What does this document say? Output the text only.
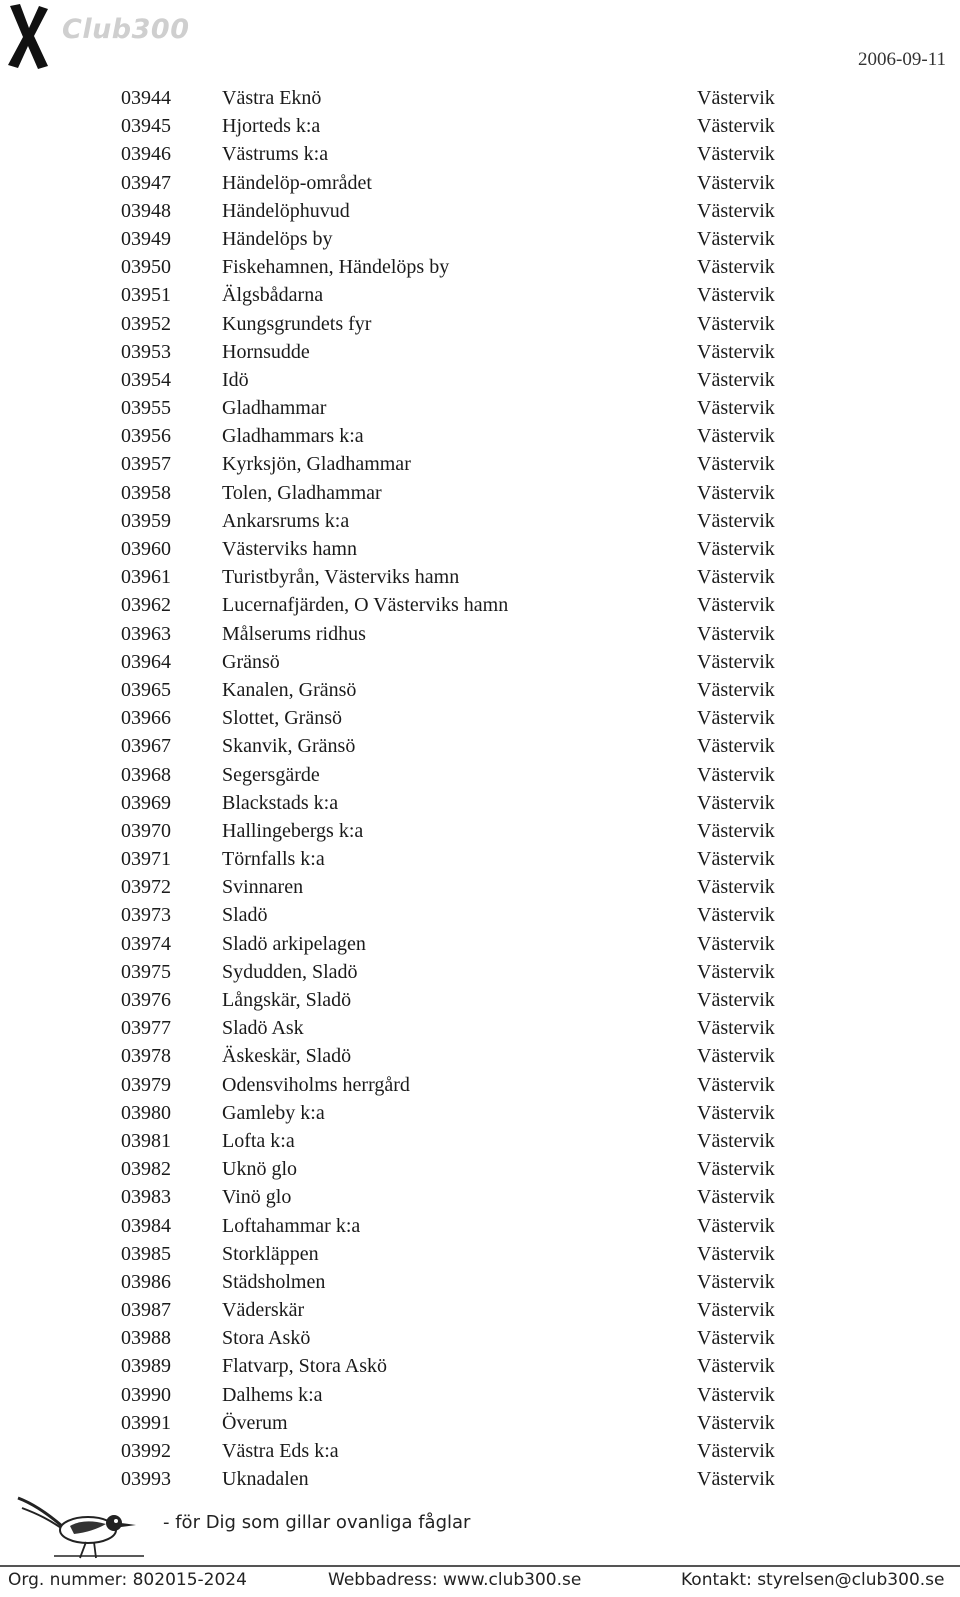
Club300
2006-09-11
03944	Västra Eknö	Västervik
03945	Hjorteds k:a	Västervik
03946	Västrums k:a	Västervik
03947	Händelöp-området	Västervik
03948	Händelöphuvud	Västervik
03949	Händelöps by	Västervik
03950	Fiskehamnen, Händelöps by	Västervik
03951	Älgsbådarna	Västervik
03952	Kungsgrundets fyr	Västervik
03953	Hornsudde	Västervik
03954	Idö	Västervik
03955	Gladhammar	Västervik
03956	Gladhammars k:a	Västervik
03957	Kyrksjön, Gladhammar	Västervik
03958	Tolen, Gladhammar	Västervik
03959	Ankarsrums k:a	Västervik
03960	Västerviks hamn	Västervik
03961	Turistbyrån, Västerviks hamn	Västervik
03962	Lucernafjärden, O Västerviks hamn	Västervik
03963	Målserums ridhus	Västervik
03964	Gränsö	Västervik
03965	Kanalen, Gränsö	Västervik
03966	Slottet, Gränsö	Västervik
03967	Skanvik, Gränsö	Västervik
03968	Segersgärde	Västervik
03969	Blackstads k:a	Västervik
03970	Hallingebergs k:a	Västervik
03971	Törnfalls k:a	Västervik
03972	Svinnaren	Västervik
03973	Sladö	Västervik
03974	Sladö arkipelagen	Västervik
03975	Sydudden, Sladö	Västervik
03976	Långskär, Sladö	Västervik
03977	Sladö Ask	Västervik
03978	Äskeskär, Sladö	Västervik
03979	Odensviholms herrgård	Västervik
03980	Gamleby k:a	Västervik
03981	Lofta k:a	Västervik
03982	Uknö glo	Västervik
03983	Vinö glo	Västervik
03984	Loftahammar k:a	Västervik
03985	Storkläppen	Västervik
03986	Städsholmen	Västervik
03987	Väderskär	Västervik
03988	Stora Askö	Västervik
03989	Flatvarp, Stora Askö	Västervik
03990	Dalhems k:a	Västervik
03991	Överum	Västervik
03992	Västra Eds k:a	Västervik
03993	Uknadalen	Västervik
- för Dig som gillar ovanliga fåglar
Org. nummer: 802015-2024	Webbadress: www.club300.se	Kontakt: styrelsen@club300.se
